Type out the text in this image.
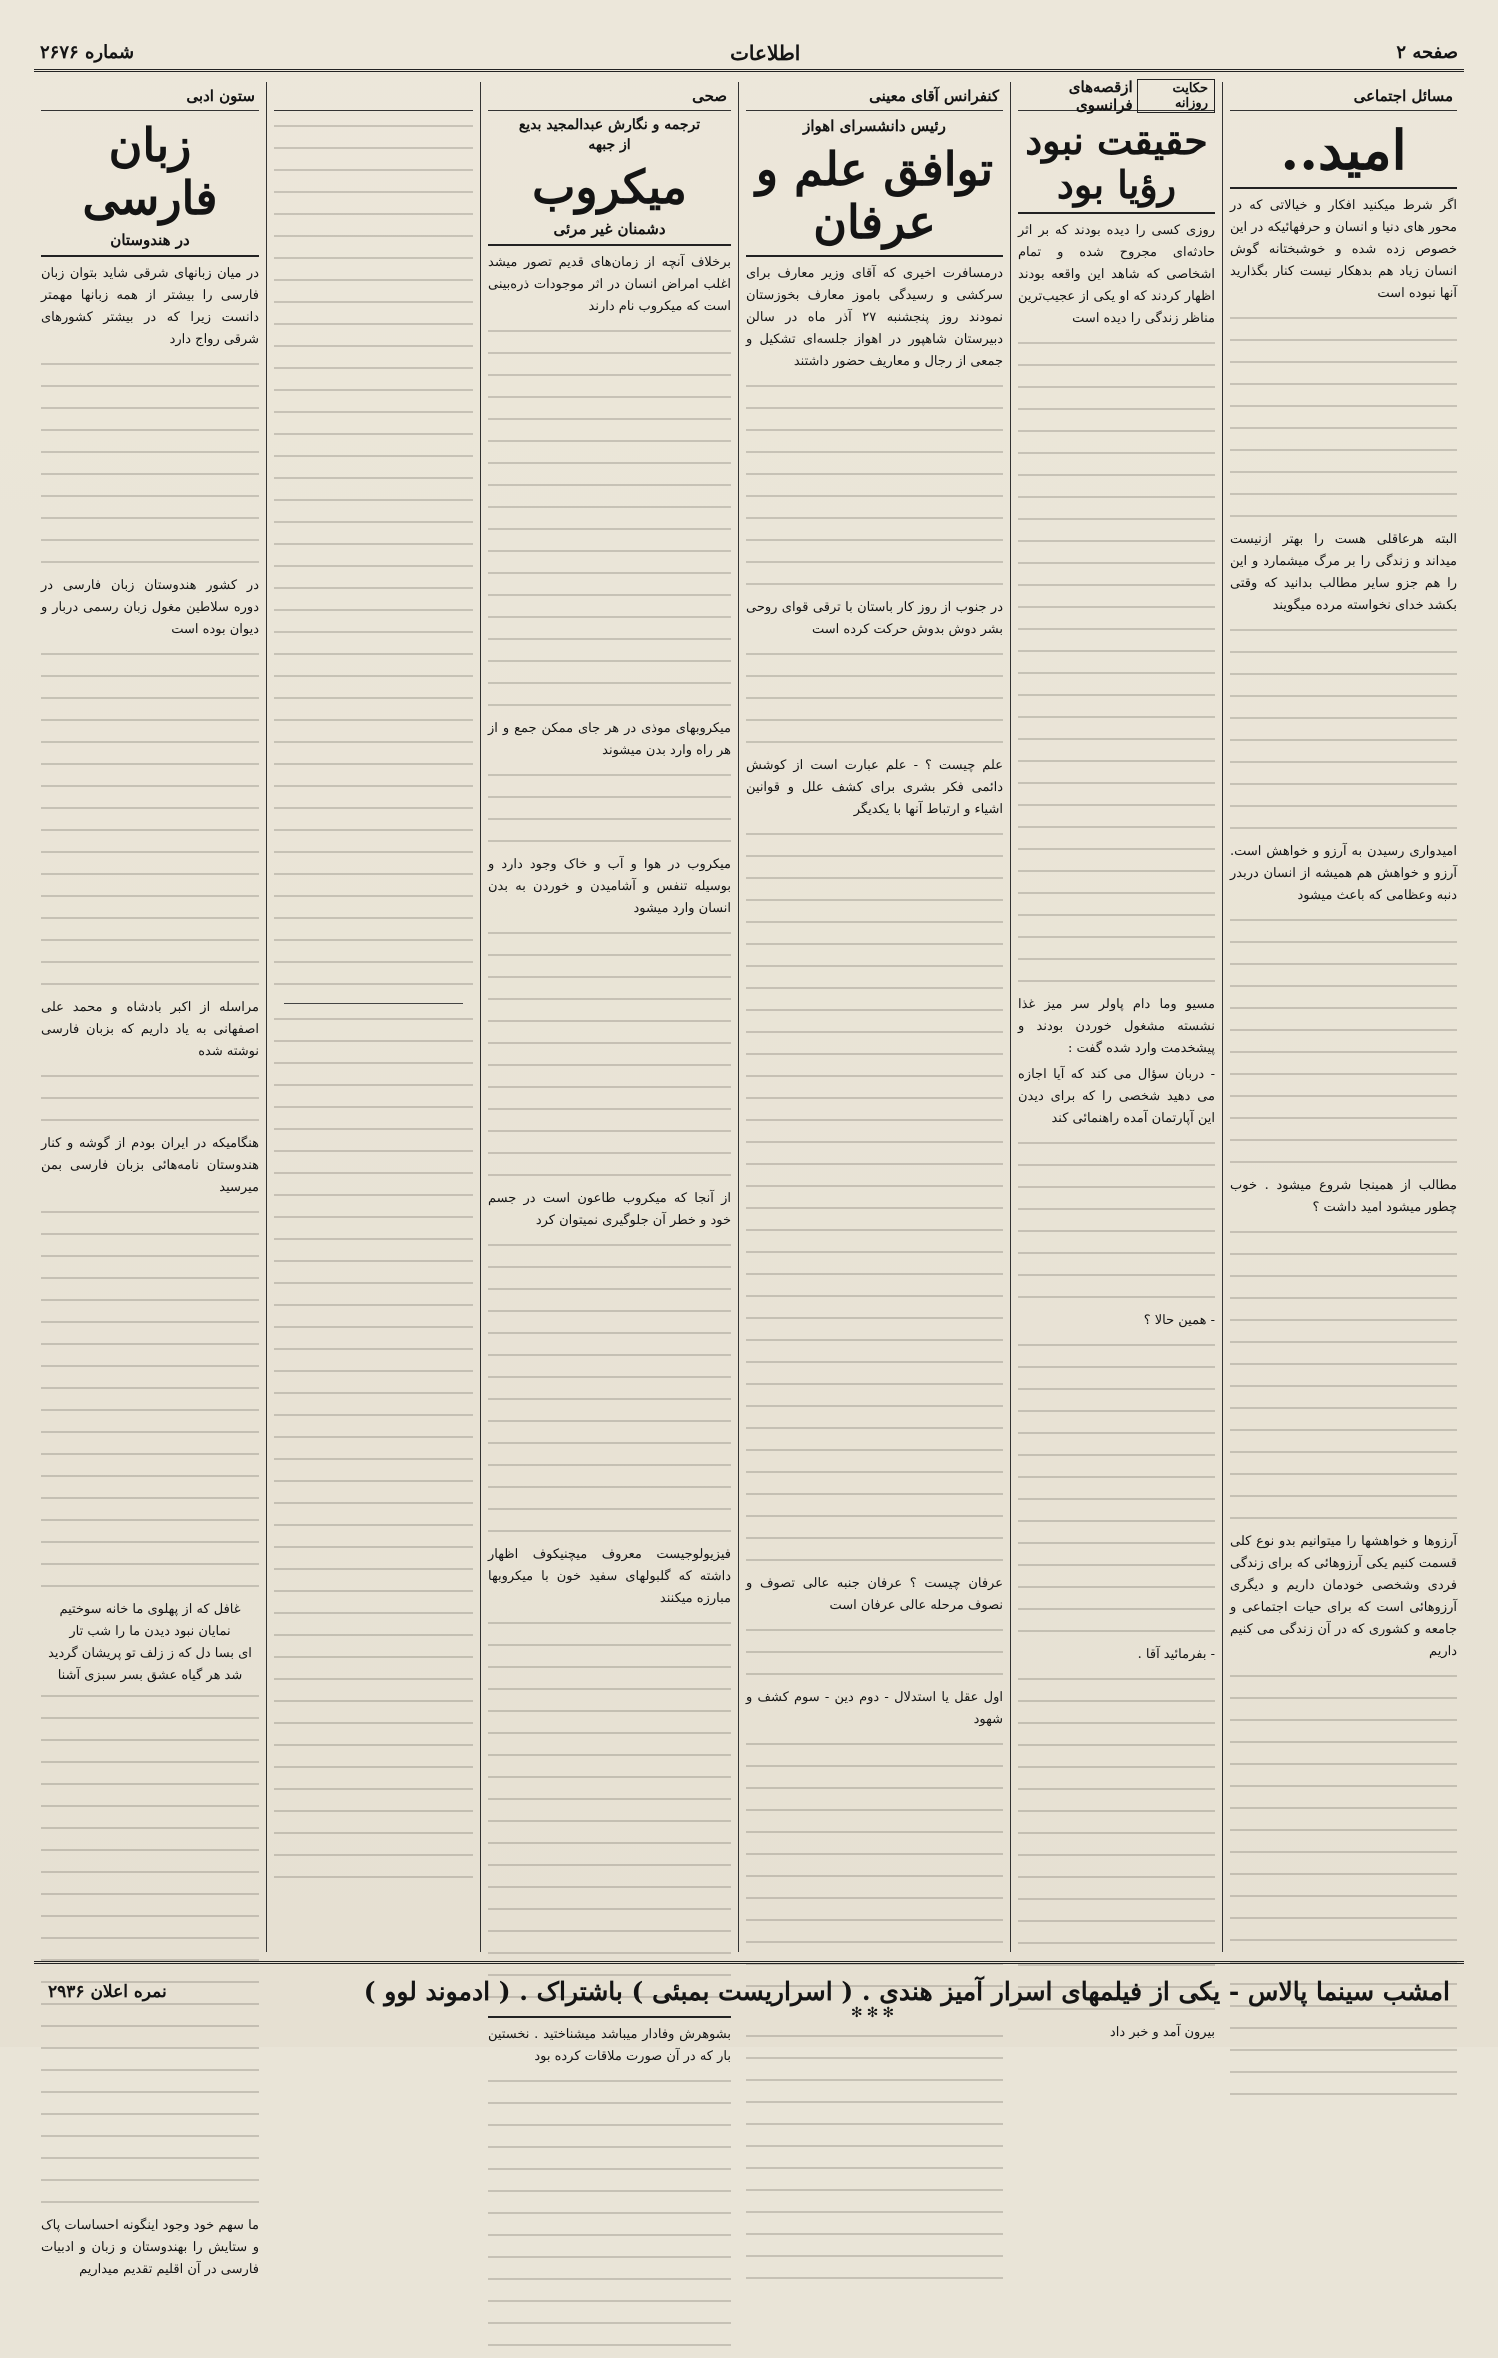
صفحه ۲
اطلاعات
شماره ۲۶۷۶
مسائل اجتماعی
امید..

اگر شرط میکنید افکار و خیالاتی که در محور های دنیا و انسان و حرفهائیکه در این خصوص زده شده و خوشبختانه گوش انسان زیاد هم بدهکار نیست کنار بگذارید آنها نبوده است

البته هرعاقلی هست را بهتر ازنیست میداند و زندگی را بر مرگ میشمارد و این را هم جزو سایر مطالب بدانید که وقتی بکشد خدای نخواسته مرده میگویند

امیدواری رسیدن به آرزو و خواهش است. آرزو و خواهش هم همیشه از انسان دربدر دنبه وعظامی که باعث میشود

مطالب از همینجا شروع میشود . خوب چطور میشود امید داشت ؟

آرزوها و خواهشها را میتوانیم بدو نوع کلی قسمت کنیم یکی آرزوهائی که برای زندگی فردی وشخصی خودمان داریم و دیگری آرزوهائی است که برای حیات اجتماعی و جامعه و کشوری که در آن زندگی می کنیم داریم

حکایت روزانه
ازقصه‌های فرانسوی
حقیقت نبود رؤیا بود

روزی کسی را دیده بودند که بر اثر حادثه‌ای مجروح شده و تمام اشخاصی که شاهد این واقعه بودند اظهار کردند که او یکی از عجیب‌ترین مناظر زندگی را دیده است

مسیو وما دام پاولر سر میز غذا نشسته مشغول خوردن بودند و پیشخدمت وارد شده گفت :

- دربان سؤال می کند که آیا اجازه می دهید شخصی را که برای دیدن این آپارتمان آمده راهنمائی کند

- همین حالا ؟

- بفرمائید آقا .

بیرون آمد و خبر داد

کنفرانس آقای معینی
رئیس دانشسرای اهواز
توافق علم و عرفان

درمسافرت اخیری که آقای وزیر معارف برای سرکشی و رسیدگی باموز معارف بخوزستان نمودند روز پنجشنبه ۲۷ آذر ماه در سالن دبیرستان شاهپور در اهواز جلسه‌ای تشکیل و جمعی از رجال و معاریف حضور داشتند

در جنوب از روز کار باستان با ترقی قوای روحی بشر دوش بدوش حرکت کرده است

علم چیست ؟ - علم عبارت است از کوشش دائمی فکر بشری برای کشف علل و قوانین اشیاء و ارتباط آنها با یکدیگر

عرفان چیست ؟ عرفان جنبه عالی تصوف و نصوف مرحله عالی عرفان است

اول عقل یا استدلال - دوم دین - سوم کشف و شهود

✻✻✻
صحی
ترجمه و نگارش عبدالمجید بدیع
از جبهه
میکروب
دشمنان غیر مرئی

برخلاف آنچه از زمان‌های قدیم تصور میشد اغلب امراض انسان در اثر موجودات ذره‌بینی است که میکروب نام دارند

میکروبهای موذی در هر جای ممکن جمع و از هر راه وارد بدن میشوند

میکروب در هوا و آب و خاک وجود دارد و بوسیله تنفس و آشامیدن و خوردن به بدن انسان وارد میشود

از آنجا که میکروب طاعون است در جسم خود و خطر آن جلوگیری نمیتوان کرد

فیزیولوجیست معروف میچنیکوف اظهار داشته که گلبولهای سفید خون با میکروبها مبارزه میکنند

بشوهرش وفادار میباشد میشناختید . نخستین بار که در آن صورت ملاقات کرده بود

ستون ادبی
زبان فارسی
در هندوستان

در میان زبانهای شرقی شاید بتوان زبان فارسی را بیشتر از همه زبانها مهمتر دانست زیرا که در بیشتر کشورهای شرقی رواج دارد

در کشور هندوستان زبان فارسی در دوره سلاطین مغول زبان رسمی دربار و دیوان بوده است

مراسله از اکبر بادشاه و محمد علی اصفهانی به یاد داریم که بزبان فارسی نوشته شده

هنگامیکه در ایران بودم از گوشه و کنار هندوستان نامه‌هائی بزبان فارسی بمن میرسید

غافل که از پهلوی ما خانه سوختیم
نمایان نبود دیدن ما را شب تار
ای بسا دل که ز زلف تو پریشان گردید
شد هر گیاه عشق بسر سبزی آشنا

ما سهم خود وجود اینگونه احساسات پاک و ستایش را بهندوستان و زبان و ادبیات فارسی در آن اقلیم تقدیم میداریم

امشب سینما پالاس - یکی از فیلمهای اسرار آمیز هندی . ( اسراریست بمبئی ) باشتراک . ( ادموند لوو )
نمره اعلان ۲۹۳۶
